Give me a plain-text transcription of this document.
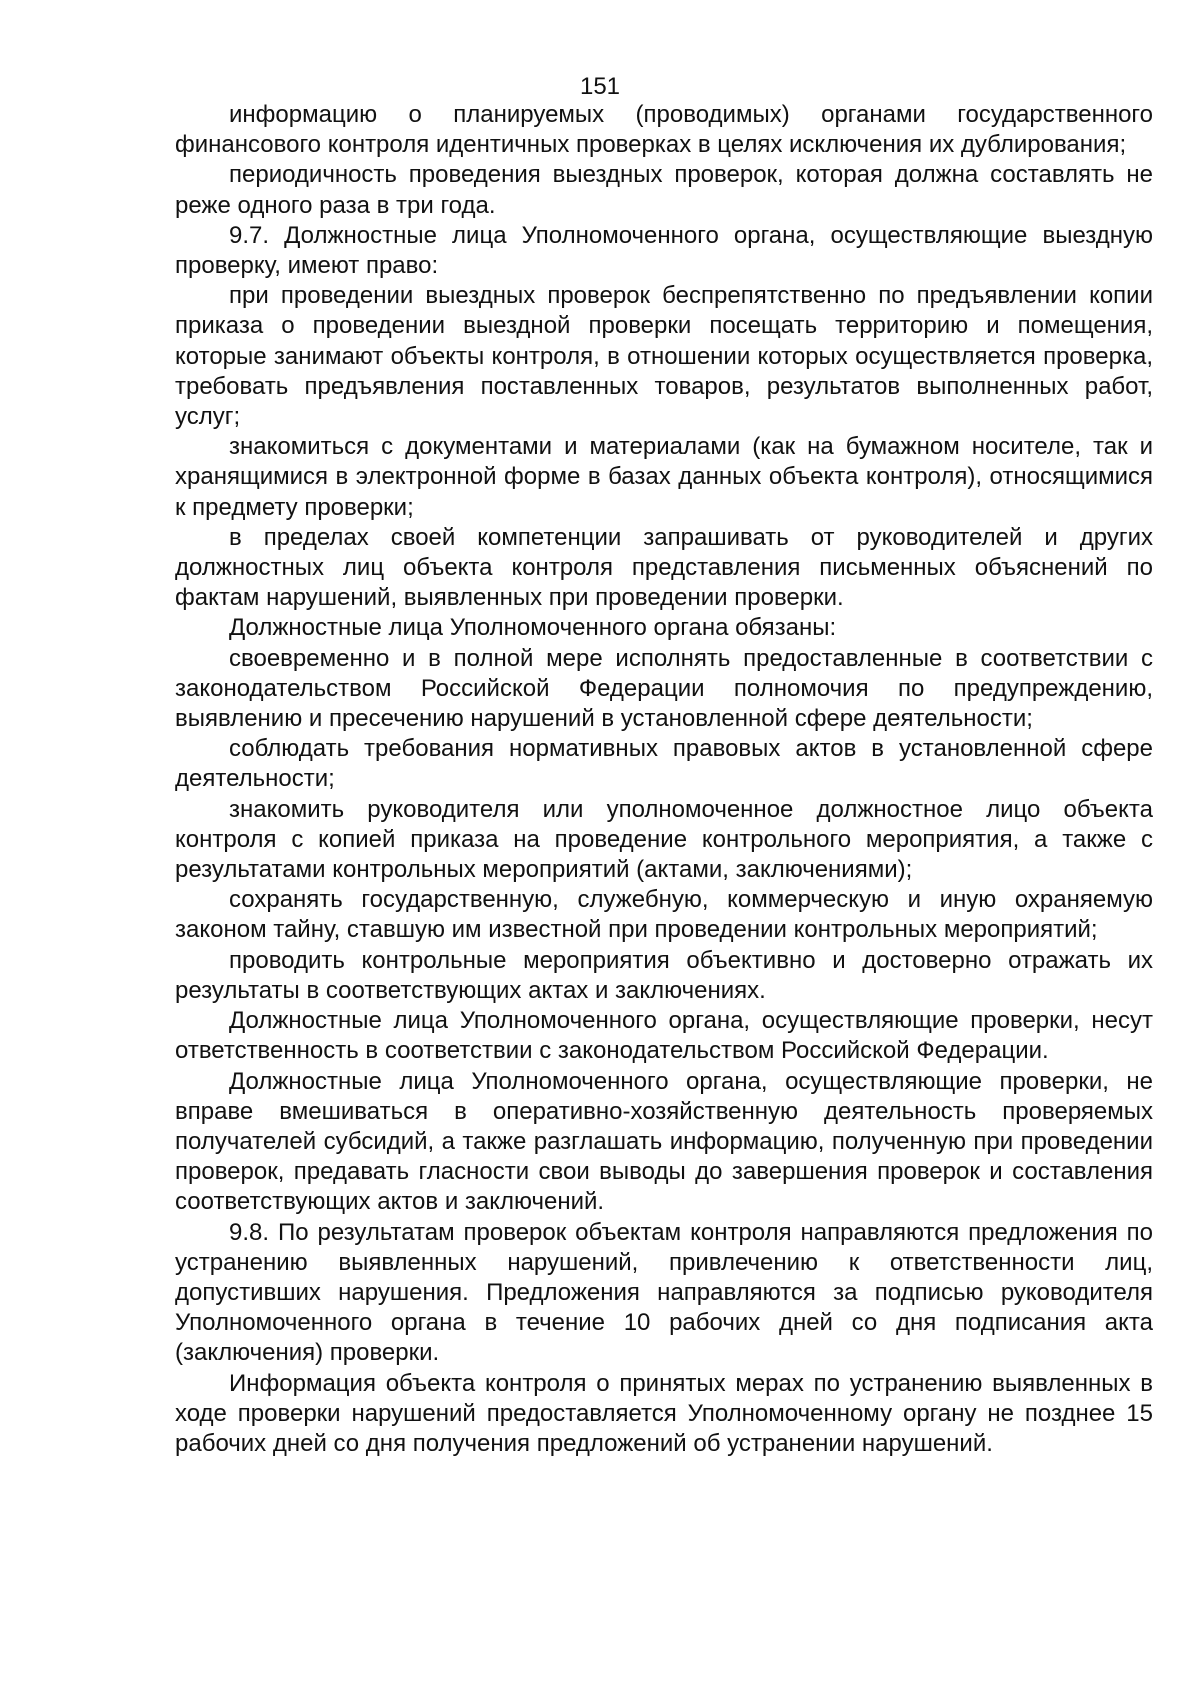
151

информацию о планируемых (проводимых) органами государственного финансового контроля идентичных проверках в целях исключения их дублирования;

периодичность проведения выездных проверок, которая должна составлять не реже одного раза в три года.

9.7. Должностные лица Уполномоченного органа, осуществляющие выездную проверку, имеют право:

при проведении выездных проверок беспрепятственно по предъявлении копии приказа о проведении выездной проверки посещать территорию и помещения, которые занимают объекты контроля, в отношении которых осуществляется проверка, требовать предъявления поставленных товаров, результатов выполненных работ, услуг;

знакомиться с документами и материалами (как на бумажном носителе, так и хранящимися в электронной форме в базах данных объекта контроля), относящимися к предмету проверки;

в пределах своей компетенции запрашивать от руководителей и других должностных лиц объекта контроля представления письменных объяснений по фактам нарушений, выявленных при проведении проверки.

Должностные лица Уполномоченного органа обязаны:

своевременно и в полной мере исполнять предоставленные в соответствии с законодательством Российской Федерации полномочия по предупреждению, выявлению и пресечению нарушений в установленной сфере деятельности;

соблюдать требования нормативных правовых актов в установленной сфере деятельности;

знакомить руководителя или уполномоченное должностное лицо объекта контроля с копией приказа на проведение контрольного мероприятия, а также с результатами контрольных мероприятий (актами, заключениями);

сохранять государственную, служебную, коммерческую и иную охраняемую законом тайну, ставшую им известной при проведении контрольных мероприятий;

проводить контрольные мероприятия объективно и достоверно отражать их результаты в соответствующих актах и заключениях.

Должностные лица Уполномоченного органа, осуществляющие проверки, несут ответственность в соответствии с законодательством Российской Федерации.

Должностные лица Уполномоченного органа, осуществляющие проверки, не вправе вмешиваться в оперативно-хозяйственную деятельность проверяемых получателей субсидий, а также разглашать информацию, полученную при проведении проверок, предавать гласности свои выводы до завершения проверок и составления соответствующих актов и заключений.

9.8. По результатам проверок объектам контроля направляются предложения по устранению выявленных нарушений, привлечению к ответственности лиц, допустивших нарушения. Предложения направляются за подписью руководителя Уполномоченного органа в течение 10 рабочих дней со дня подписания акта (заключения) проверки.

Информация объекта контроля о принятых мерах по устранению выявленных в ходе проверки нарушений предоставляется Уполномоченному органу не позднее 15 рабочих дней со дня получения предложений об устранении нарушений.
